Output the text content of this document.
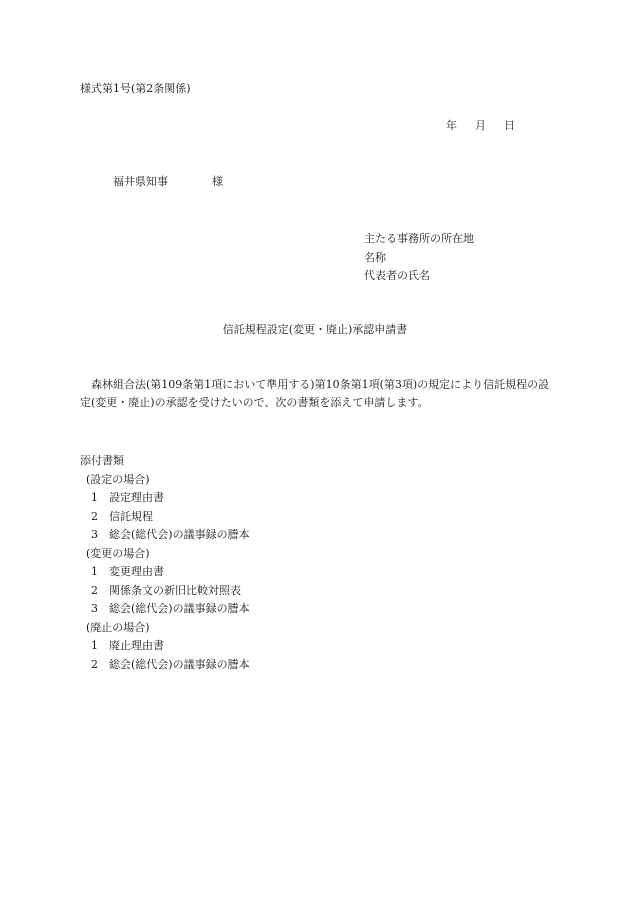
様式第1号(第2条関係)
年 月 日
福井県知事	様
主たる事務所の所在地
名称
代表者の氏名
信託規程設定(変更・廃止)承認申請書

森林組合法(第109条第1項において準用する)第10条第1項(第3項)の規定により信託規程の設定(変更・廃止)の承認を受けたいので、次の書類を添えて申請します。

添付書類
(設定の場合)
1 設定理由書
2 信託規程
3 総会(総代会)の議事録の謄本
(変更の場合)
1 変更理由書
2 関係条文の新旧比較対照表
3 総会(総代会)の議事録の謄本
(廃止の場合)
1 廃止理由書
2 総会(総代会)の議事録の謄本
